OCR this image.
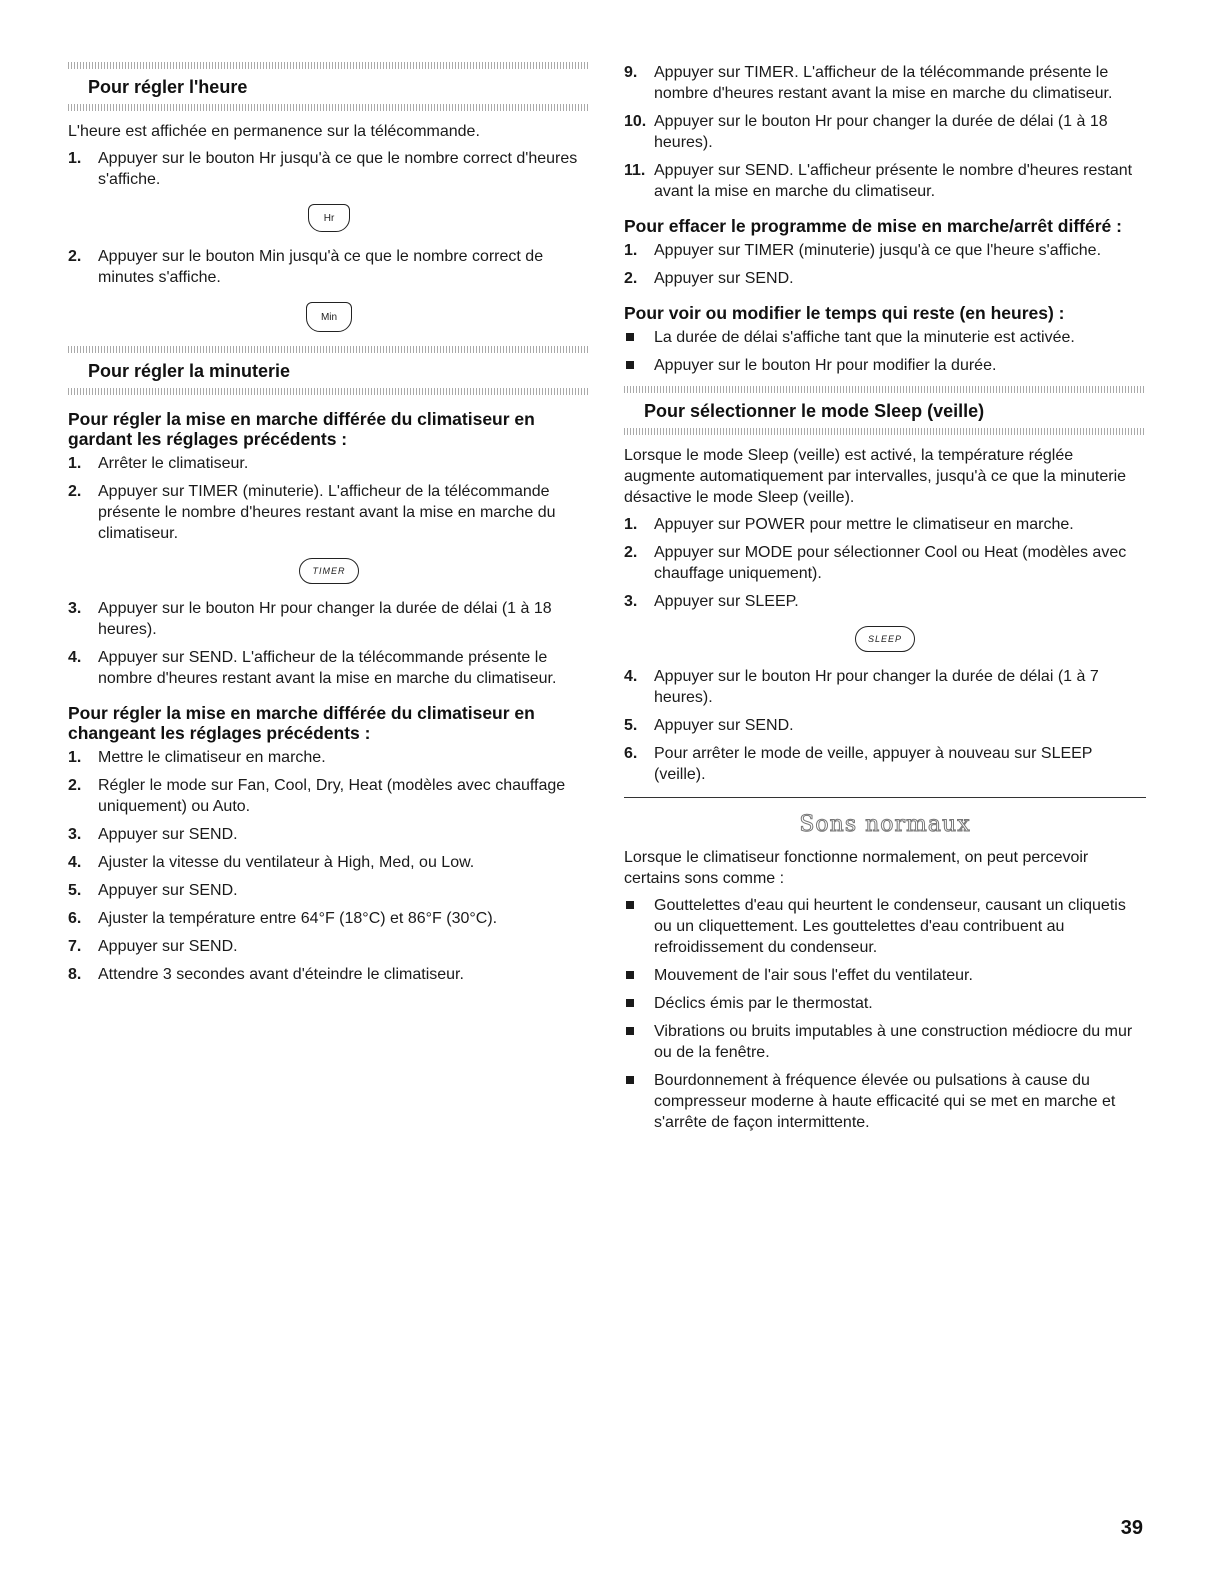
Pour régler l'heure

L'heure est affichée en permanence sur la télécommande.

1. Appuyer sur le bouton Hr jusqu'à ce que le nombre correct d'heures s'affiche.
Hr
2. Appuyer sur le bouton Min jusqu'à ce que le nombre correct de minutes s'affiche.
Min
Pour régler la minuterie
Pour régler la mise en marche différée du climatiseur en gardant les réglages précédents :
1. Arrêter le climatiseur.
2. Appuyer sur TIMER (minuterie). L'afficheur de la télécommande présente le nombre d'heures restant avant la mise en marche du climatiseur.
TIMER
3. Appuyer sur le bouton Hr pour changer la durée de délai (1 à 18 heures).
4. Appuyer sur SEND. L'afficheur de la télécommande présente le nombre d'heures restant avant la mise en marche du climatiseur.
Pour régler la mise en marche différée du climatiseur en changeant les réglages précédents :
1. Mettre le climatiseur en marche.
2. Régler le mode sur Fan, Cool, Dry, Heat (modèles avec chauffage uniquement) ou Auto.
3. Appuyer sur SEND.
4. Ajuster la vitesse du ventilateur à High, Med, ou Low.
5. Appuyer sur SEND.
6. Ajuster la température entre 64°F (18°C) et 86°F (30°C).
7. Appuyer sur SEND.
8. Attendre 3 secondes avant d'éteindre le climatiseur.
9. Appuyer sur TIMER. L'afficheur de la télécommande présente le nombre d'heures restant avant la mise en marche du climatiseur.
10. Appuyer sur le bouton Hr pour changer la durée de délai (1 à 18 heures).
11. Appuyer sur SEND. L'afficheur présente le nombre d'heures restant avant la mise en marche du climatiseur.
Pour effacer le programme de mise en marche/arrêt différé :
1. Appuyer sur TIMER (minuterie) jusqu'à ce que l'heure s'affiche.
2. Appuyer sur SEND.
Pour voir ou modifier le temps qui reste (en heures) :
La durée de délai s'affiche tant que la minuterie est activée.
Appuyer sur le bouton Hr pour modifier la durée.
Pour sélectionner le mode Sleep (veille)

Lorsque le mode Sleep (veille) est activé, la température réglée augmente automatiquement par intervalles, jusqu'à ce que la minuterie désactive le mode Sleep (veille).

1. Appuyer sur POWER pour mettre le climatiseur en marche.
2. Appuyer sur MODE pour sélectionner Cool ou Heat (modèles avec chauffage uniquement).
3. Appuyer sur SLEEP.
SLEEP
4. Appuyer sur le bouton Hr pour changer la durée de délai (1 à 7 heures).
5. Appuyer sur SEND.
6. Pour arrêter le mode de veille, appuyer à nouveau sur SLEEP (veille).
Sons normaux

Lorsque le climatiseur fonctionne normalement, on peut percevoir certains sons comme :

Gouttelettes d'eau qui heurtent le condenseur, causant un cliquetis ou un cliquettement. Les gouttelettes d'eau contribuent au refroidissement du condenseur.
Mouvement de l'air sous l'effet du ventilateur.
Déclics émis par le thermostat.
Vibrations ou bruits imputables à une construction médiocre du mur ou de la fenêtre.
Bourdonnement à fréquence élevée ou pulsations à cause du compresseur moderne à haute efficacité qui se met en marche et s'arrête de façon intermittente.
39
